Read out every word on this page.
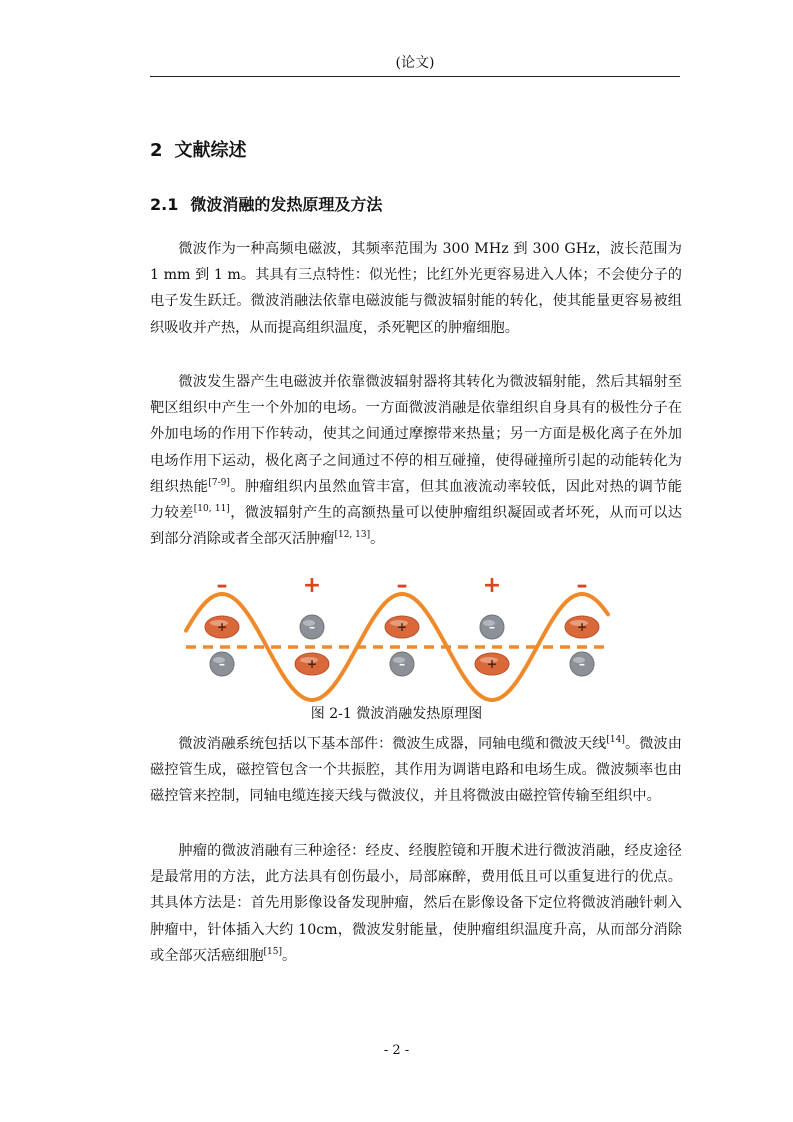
(论文)
2 文献综述
2.1 微波消融的发热原理及方法

微波作为一种高频电磁波，其频率范围为 300 MHz 到 300 GHz，波长范围为 1 mm 到 1 m。其具有三点特性：似光性；比红外光更容易进入人体；不会使分子的电子发生跃迁。微波消融法依靠电磁波能与微波辐射能的转化，使其能量更容易被组织吸收并产热，从而提高组织温度，杀死靶区的肿瘤细胞。

微波发生器产生电磁波并依靠微波辐射器将其转化为微波辐射能，然后其辐射至靶区组织中产生一个外加的电场。一方面微波消融是依靠组织自身具有的极性分子在外加电场的作用下作转动，使其之间通过摩擦带来热量；另一方面是极化离子在外加电场作用下运动，极化离子之间通过不停的相互碰撞，使得碰撞所引起的动能转化为组织热能[7-9]。肿瘤组织内虽然血管丰富，但其血液流动率较低，因此对热的调节能力较差[10, 11]，微波辐射产生的高额热量可以使肿瘤组织凝固或者坏死，从而可以达到部分消除或者全部灭活肿瘤[12, 13]。

–	+	–	+	–
+	–	+	–	+
–	+	–	+	–
图 2-1 微波消融发热原理图

微波消融系统包括以下基本部件：微波生成器，同轴电缆和微波天线[14]。微波由磁控管生成，磁控管包含一个共振腔，其作用为调谐电路和电场生成。微波频率也由磁控管来控制，同轴电缆连接天线与微波仪，并且将微波由磁控管传输至组织中。

肿瘤的微波消融有三种途径：经皮、经腹腔镜和开腹术进行微波消融，经皮途径是最常用的方法，此方法具有创伤最小，局部麻醉，费用低且可以重复进行的优点。其具体方法是：首先用影像设备发现肿瘤，然后在影像设备下定位将微波消融针刺入肿瘤中，针体插入大约 10cm，微波发射能量，使肿瘤组织温度升高，从而部分消除或全部灭活癌细胞[15]。

- 2 -
